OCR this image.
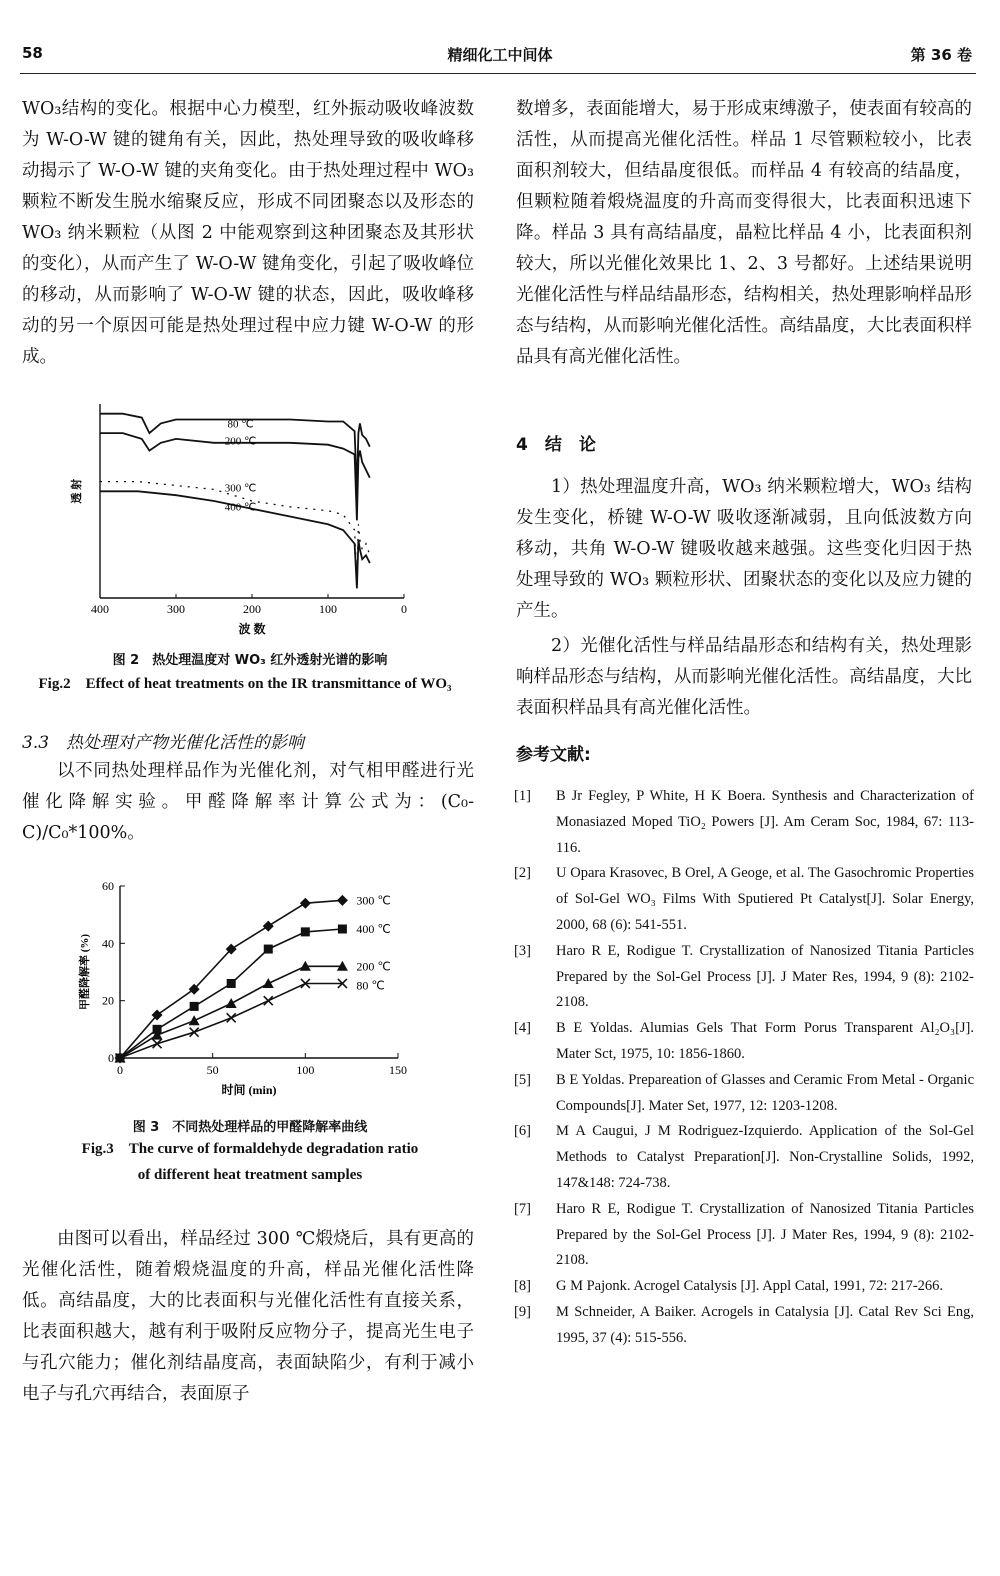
58	精细化工中间体	第 36 卷

WO₃结构的变化。根据中心力模型，红外振动吸收峰波数为 W-O-W 键的键角有关，因此，热处理导致的吸收峰移动揭示了 W-O-W 键的夹角变化。由于热处理过程中 WO₃ 颗粒不断发生脱水缩聚反应，形成不同团聚态以及形态的 WO₃ 纳米颗粒（从图 2 中能观察到这种团聚态及其形状的变化），从而产生了 W-O-W 键角变化，引起了吸收峰位的移动，从而影响了 W-O-W 键的状态，因此，吸收峰移动的另一个原因可能是热处理过程中应力键 W-O-W 的形成。

400	300	200	100	0
波 数
透 射
80 ℃
200 ℃
300 ℃
400 ℃
图 2　热处理温度对 WO₃ 红外透射光谱的影响
Fig.2　Effect of heat treatments on the IR transmittance of WO₃
3.3　热处理对产物光催化活性的影响

以不同热处理样品作为光催化剂，对气相甲醛进行光催化降解实验。甲醛降解率计算公式为：(C₀-C)/C₀*100%。

0
20
40
60
0	50	100	150
时间 (min)
甲醛降解率 (%)
300 ℃
400 ℃
200 ℃
80 ℃
图 3　不同热处理样品的甲醛降解率曲线
Fig.3　The curve of formaldehyde degradation ratio
of different heat treatment samples

由图可以看出，样品经过 300 ℃煅烧后，具有更高的光催化活性，随着煅烧温度的升高，样品光催化活性降低。高结晶度，大的比表面积与光催化活性有直接关系，比表面积越大，越有利于吸附反应物分子，提高光生电子与孔穴能力；催化剂结晶度高，表面缺陷少，有利于减小电子与孔穴再结合，表面原子

数增多，表面能增大，易于形成束缚激子，使表面有较高的活性，从而提高光催化活性。样品 1 尽管颗粒较小，比表面积剂较大，但结晶度很低。而样品 4 有较高的结晶度，但颗粒随着煅烧温度的升高而变得很大，比表面积迅速下降。样品 3 具有高结晶度，晶粒比样品 4 小，比表面积剂较大，所以光催化效果比 1、2、3 号都好。上述结果说明光催化活性与样品结晶形态，结构相关，热处理影响样品形态与结构，从而影响光催化活性。高结晶度，大比表面积样品具有高光催化活性。

4　结　论

1）热处理温度升高，WO₃ 纳米颗粒增大，WO₃ 结构发生变化，桥键 W-O-W 吸收逐渐减弱，且向低波数方向移动，共角 W-O-W 键吸收越来越强。这些变化归因于热处理导致的 WO₃ 颗粒形状、团聚状态的变化以及应力键的产生。

2）光催化活性与样品结晶形态和结构有关，热处理影响样品形态与结构，从而影响光催化活性。高结晶度，大比表面积样品具有高光催化活性。

参考文献:
[1] B Jr Fegley, P White, H K Boera. Synthesis and Characterization of Monasiazed Moped TiO₂ Powers [J]. Am Ceram Soc, 1984, 67: 113-116.
[2] U Opara Krasovec, B Orel, A Geoge, et al. The Gasochromic Properties of Sol-Gel WO₃ Films With Sputiered Pt Catalyst[J]. Solar Energy, 2000, 68 (6): 541-551.
[3] Haro R E, Rodigue T. Crystallization of Nanosized Titania Particles Prepared by the Sol-Gel Process [J]. J Mater Res, 1994, 9 (8): 2102-2108.
[4] B E Yoldas. Alumias Gels That Form Porus Transparent Al₂O₃[J]. Mater Sct, 1975, 10: 1856-1860.
[5] B E Yoldas. Prepareation of Glasses and Ceramic From Metal - Organic Compounds[J]. Mater Set, 1977, 12: 1203-1208.
[6] M A Caugui, J M Rodriguez-Izquierdo. Application of the Sol-Gel Methods to Catalyst Preparation[J]. Non-Crystalline Solids, 1992, 147&148: 724-738.
[7] Haro R E, Rodigue T. Crystallization of Nanosized Titania Particles Prepared by the Sol-Gel Process [J]. J Mater Res, 1994, 9 (8): 2102-2108.
[8] G M Pajonk. Acrogel Catalysis [J]. Appl Catal, 1991, 72: 217-266.
[9] M Schneider, A Baiker. Acrogels in Catalysia [J]. Catal Rev Sci Eng, 1995, 37 (4): 515-556.
